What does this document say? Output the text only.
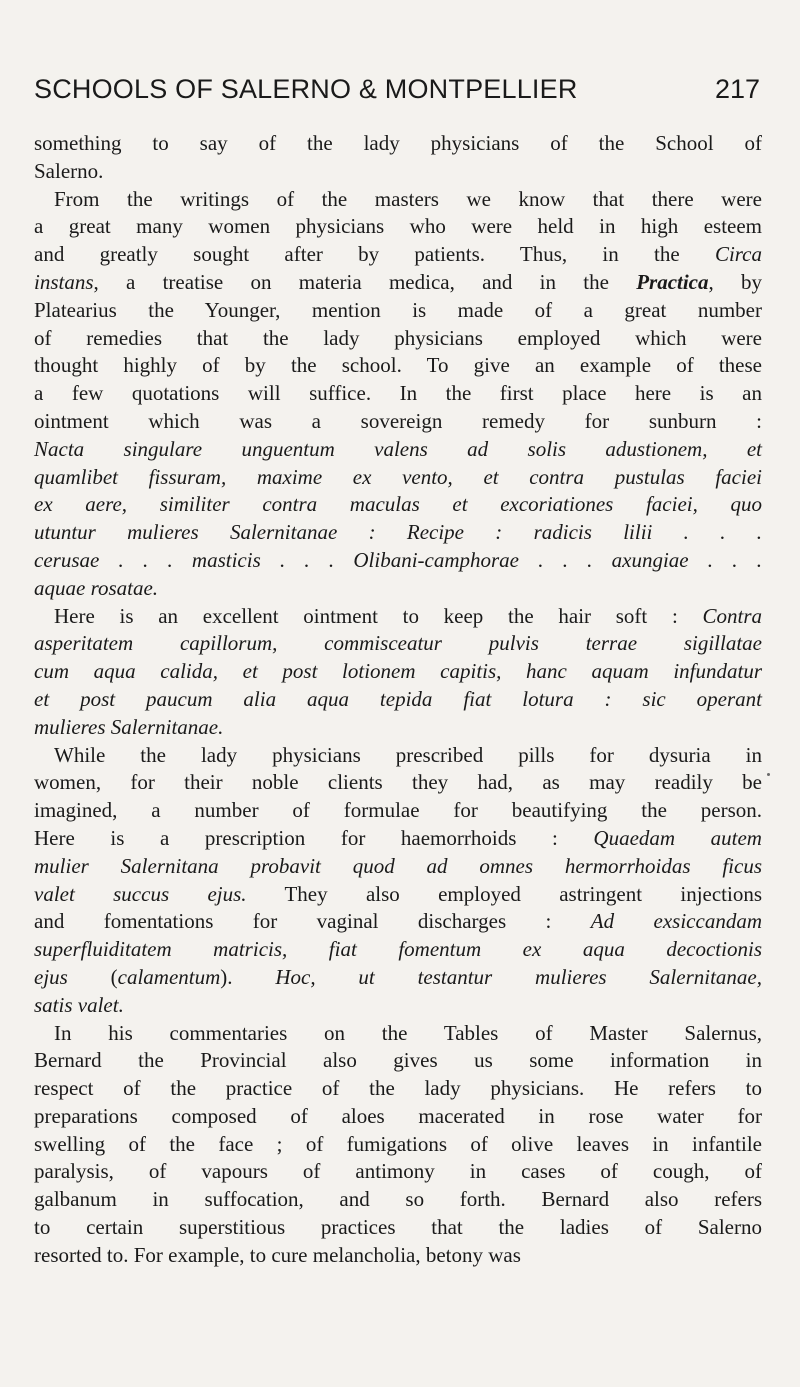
SCHOOLS OF SALERNO & MONTPELLIER	217
something to say of the lady physicians of the School of
Salerno.
From the writings of the masters we know that there were
a great many women physicians who were held in high esteem
and greatly sought after by patients. Thus, in the Circa
instans, a treatise on materia medica, and in the Practica, by
Platearius the Younger, mention is made of a great number
of remedies that the lady physicians employed which were
thought highly of by the school. To give an example of these
a few quotations will suffice. In the first place here is an
ointment which was a sovereign remedy for sunburn :
Nacta singulare unguentum valens ad solis adustionem, et
quamlibet fissuram, maxime ex vento, et contra pustulas faciei
ex aere, similiter contra maculas et excoriationes faciei, quo
utuntur mulieres Salernitanae : Recipe : radicis lilii . . .
cerusae . . . masticis . . . Olibani-camphorae . . . axungiae . . .
aquae rosatae.
Here is an excellent ointment to keep the hair soft : Contra
asperitatem capillorum, commisceatur pulvis terrae sigillatae
cum aqua calida, et post lotionem capitis, hanc aquam infundatur
et post paucum alia aqua tepida fiat lotura : sic operant
mulieres Salernitanae.
While the lady physicians prescribed pills for dysuria in
women, for their noble clients they had, as may readily be
imagined, a number of formulae for beautifying the person.
Here is a prescription for haemorrhoids : Quaedam autem
mulier Salernitana probavit quod ad omnes hermorrhoidas ficus
valet succus ejus. They also employed astringent injections
and fomentations for vaginal discharges : Ad exsiccandam
superfluiditatem matricis, fiat fomentum ex aqua decoctionis
ejus (calamentum). Hoc, ut testantur mulieres Salernitanae,
satis valet.
In his commentaries on the Tables of Master Salernus,
Bernard the Provincial also gives us some information in
respect of the practice of the lady physicians. He refers to
preparations composed of aloes macerated in rose water for
swelling of the face ; of fumigations of olive leaves in infantile
paralysis, of vapours of antimony in cases of cough, of
galbanum in suffocation, and so forth. Bernard also refers
to certain superstitious practices that the ladies of Salerno
resorted to. For example, to cure melancholia, betony was
